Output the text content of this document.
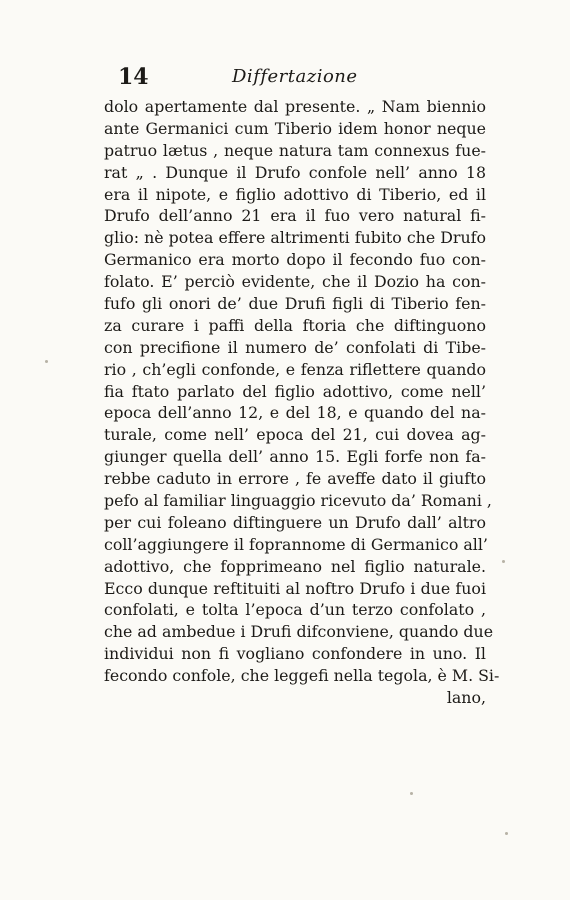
14	Differtazione
dolo apertamente dal presente. „ Nam biennio
ante Germanici cum Tiberio idem honor neque
patruo lætus , neque natura tam connexus fue-
rat „ . Dunque il Drufo confole nell’ anno 18
era il nipote, e figlio adottivo di Tiberio, ed il
Drufo dell’anno 21 era il fuo vero natural fi-
glio: nè potea effere altrimenti fubito che Drufo
Germanico era morto dopo il fecondo fuo con-
folato. E’ perciò evidente, che il Dozio ha con-
fufo gli onori de’ due Drufi figli di Tiberio fen-
za curare i paffi della ftoria che diftinguono
con precifione il numero de’ confolati di Tibe-
rio , ch’egli confonde, e fenza riflettere quando
fia ftato parlato del figlio adottivo, come nell’
epoca dell’anno 12, e del 18, e quando del na-
turale, come nell’ epoca del 21, cui dovea ag-
giunger quella dell’ anno 15. Egli forfe non fa-
rebbe caduto in errore , fe aveffe dato il giufto
pefo al familiar linguaggio ricevuto da’ Romani ,
per cui foleano diftinguere un Drufo dall’ altro
coll’aggiungere il foprannome di Germanico all’
adottivo, che fopprimeano nel figlio naturale.
Ecco dunque reftituiti al noftro Drufo i due fuoi
confolati, e tolta l’epoca d’un terzo confolato ,
che ad ambedue i Drufi difconviene, quando due
individui non fi vogliano confondere in uno. Il
fecondo confole, che leggefi nella tegola, è M. Si-
lano,
